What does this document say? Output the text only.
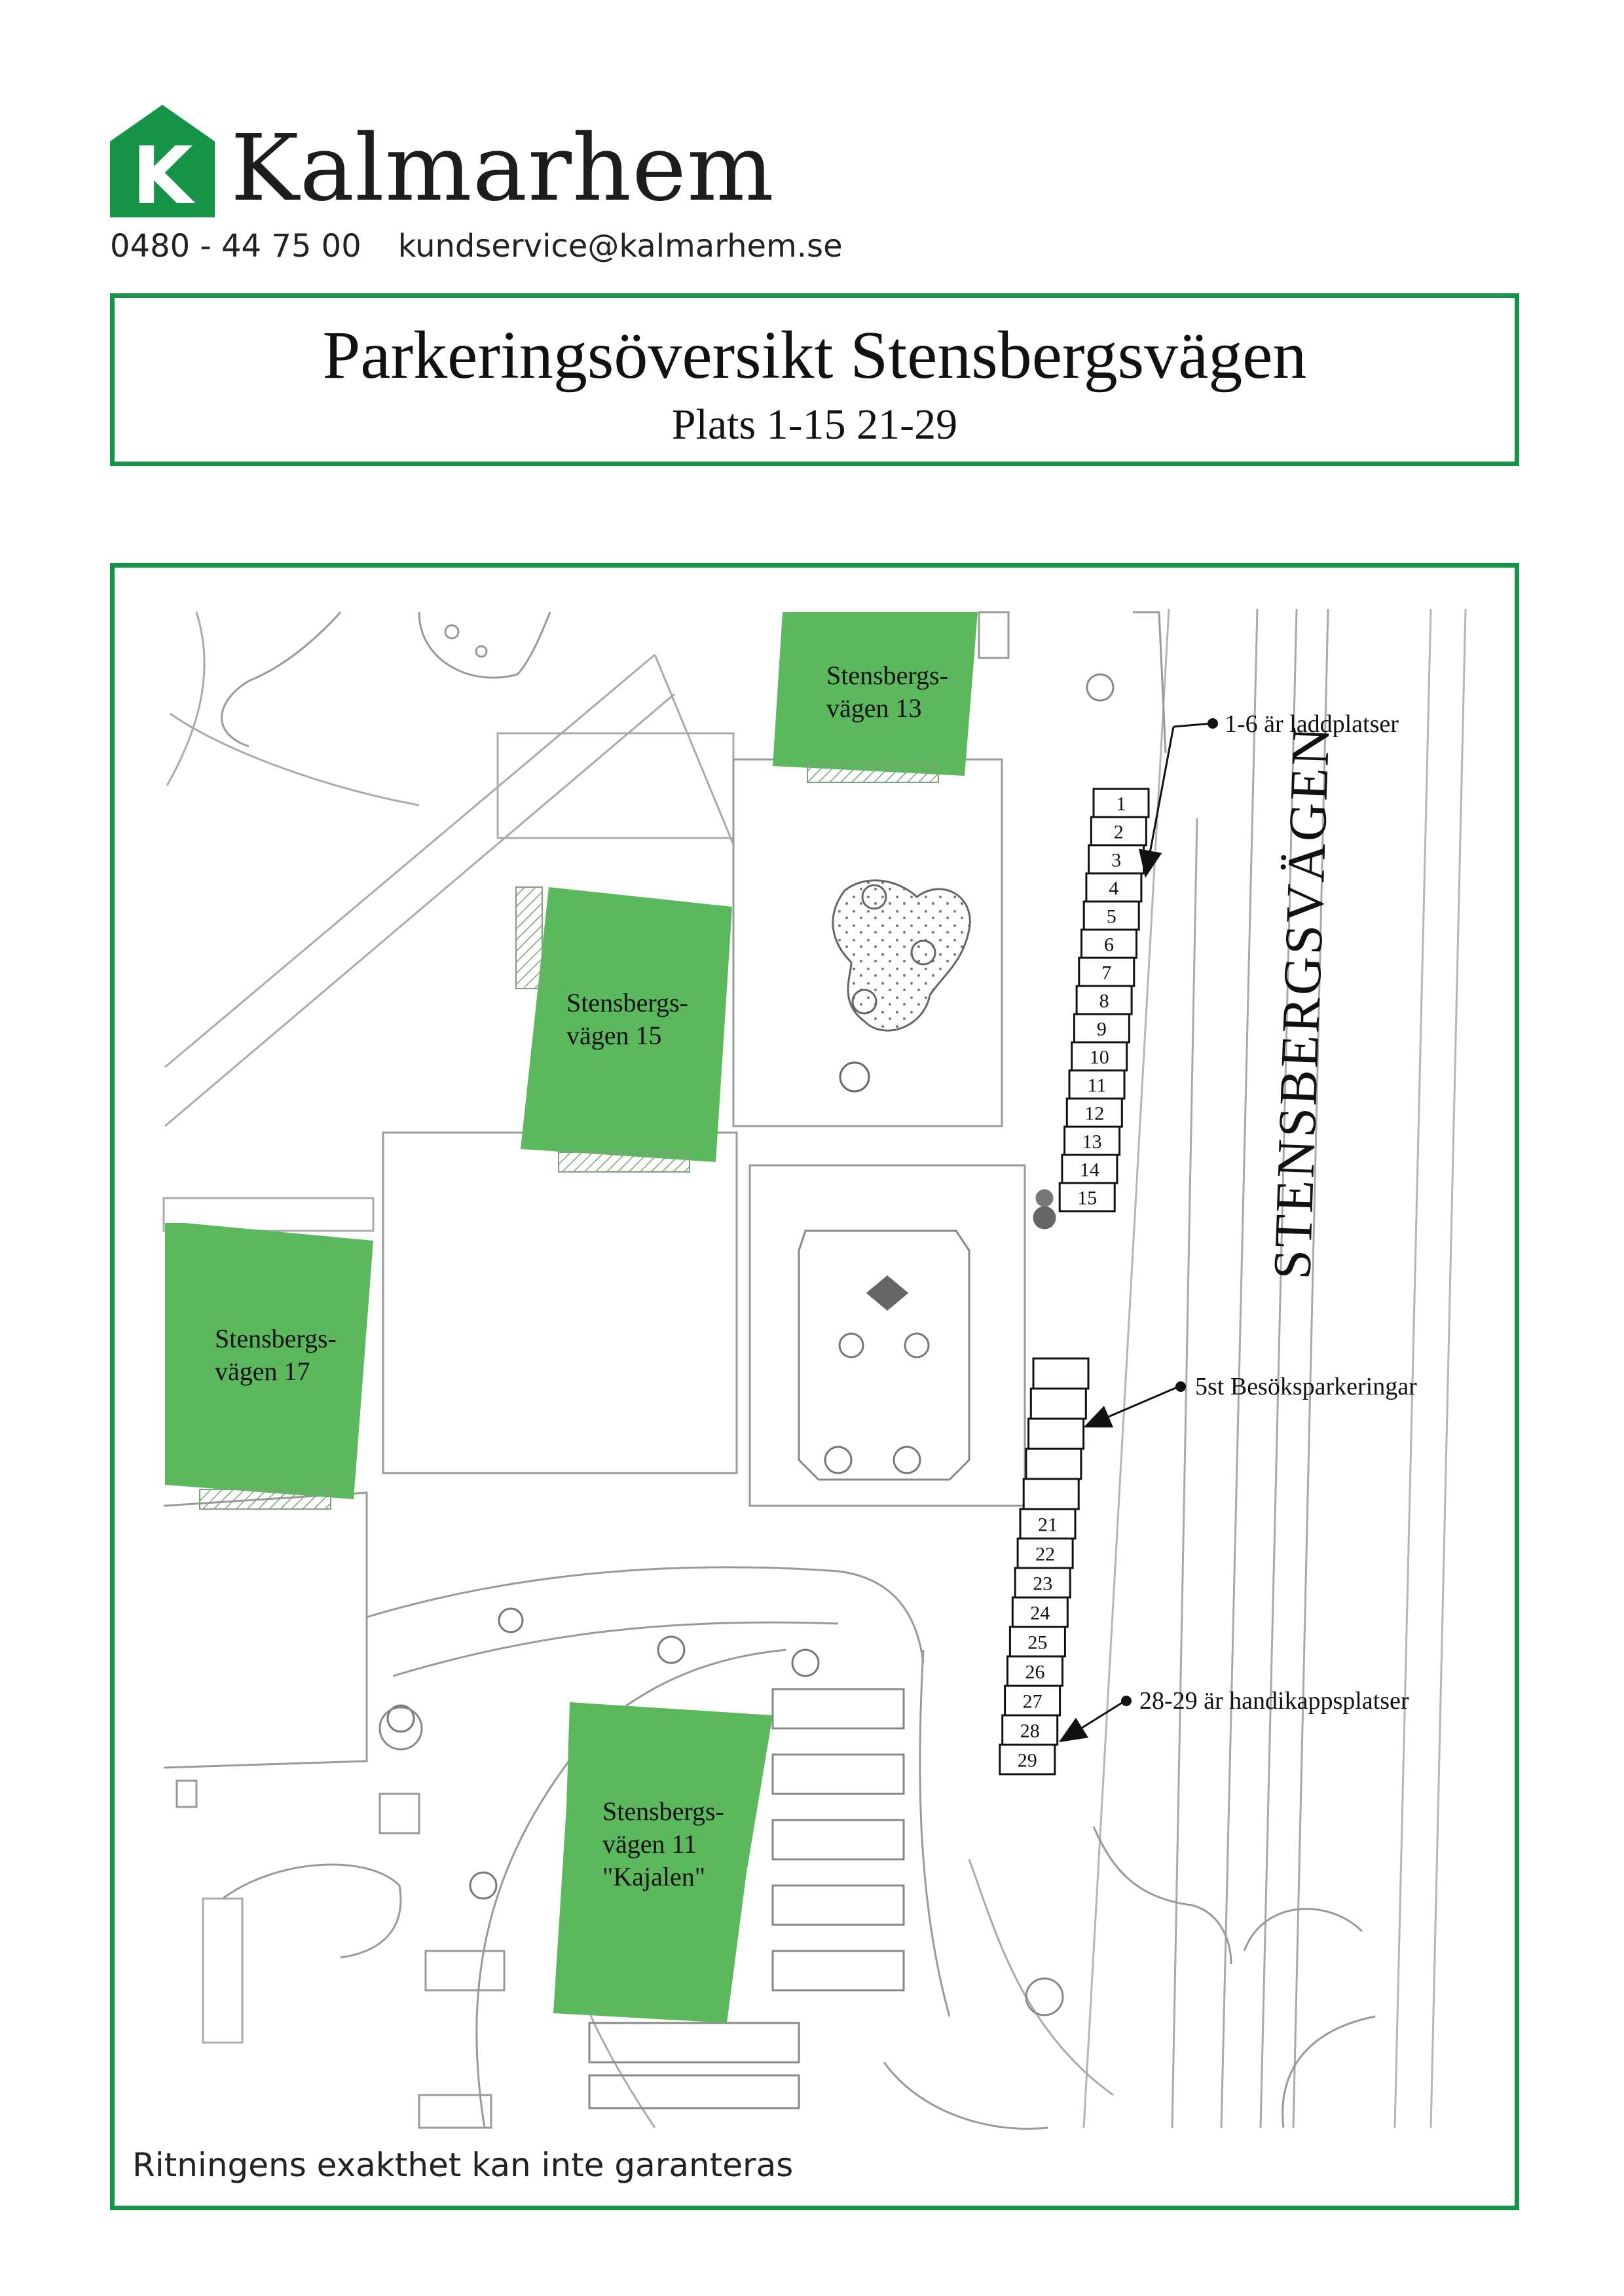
K Kalmarhem
0480 - 44 75 00 kundservice@kalmarhem.se
Parkeringsöversikt Stensbergsvägen
Plats 1-15 21-29
Stensbergs- vägen 13
Stensbergs- vägen 15
Stensbergs- vägen 17
Stensbergs- vägen 11 "Kajalen"
STENSBERGSVÄGEN
1
2
3
4
5
6
7
8
9
10
11
12
13
14
15
21
22
23
24
25
26
27
28
29
1-6 är laddplatser
5st Besöksparkeringar
28-29 är handikappsplatser
Ritningens exakthet kan inte garanteras
